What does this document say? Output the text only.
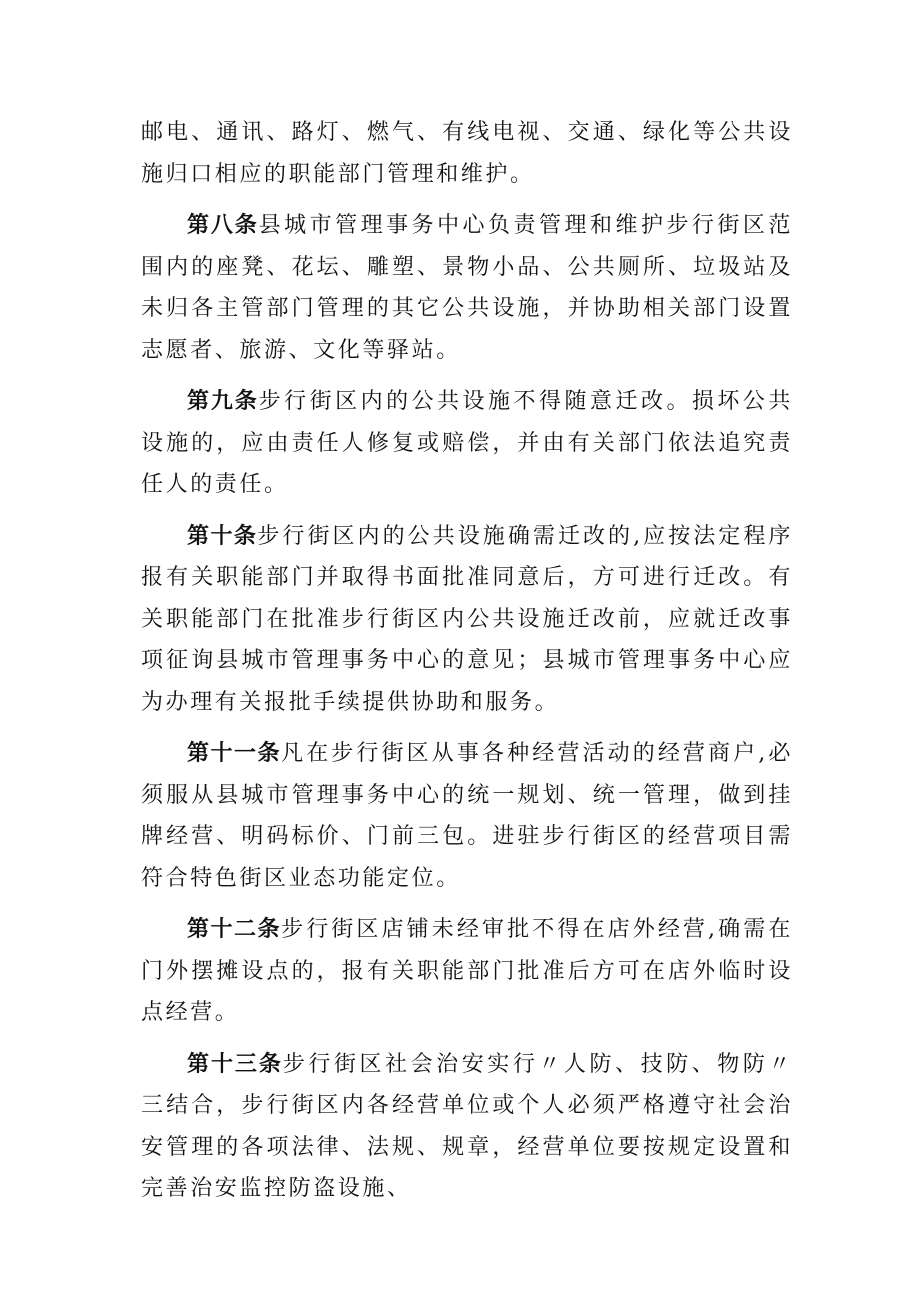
邮电、通讯、路灯、燃气、有线电视、交通、绿化等公共设施归口相应的职能部门管理和维护。

第八条县城市管理事务中心负责管理和维护步行街区范围内的座凳、花坛、雕塑、景物小品、公共厕所、垃圾站及未归各主管部门管理的其它公共设施，并协助相关部门设置志愿者、旅游、文化等驿站。

第九条步行街区内的公共设施不得随意迁改。损坏公共设施的，应由责任人修复或赔偿，并由有关部门依法追究责任人的责任。

第十条步行街区内的公共设施确需迁改的,应按法定程序报有关职能部门并取得书面批准同意后，方可进行迁改。有关职能部门在批准步行街区内公共设施迁改前，应就迁改事项征询县城市管理事务中心的意见；县城市管理事务中心应为办理有关报批手续提供协助和服务。

第十一条凡在步行街区从事各种经营活动的经营商户,必须服从县城市管理事务中心的统一规划、统一管理，做到挂牌经营、明码标价、门前三包。进驻步行街区的经营项目需符合特色街区业态功能定位。

第十二条步行街区店铺未经审批不得在店外经营,确需在门外摆摊设点的，报有关职能部门批准后方可在店外临时设点经营。

第十三条步行街区社会治安实行〃人防、技防、物防〃三结合，步行街区内各经营单位或个人必须严格遵守社会治安管理的各项法律、法规、规章，经营单位要按规定设置和完善治安监控防盗设施、
